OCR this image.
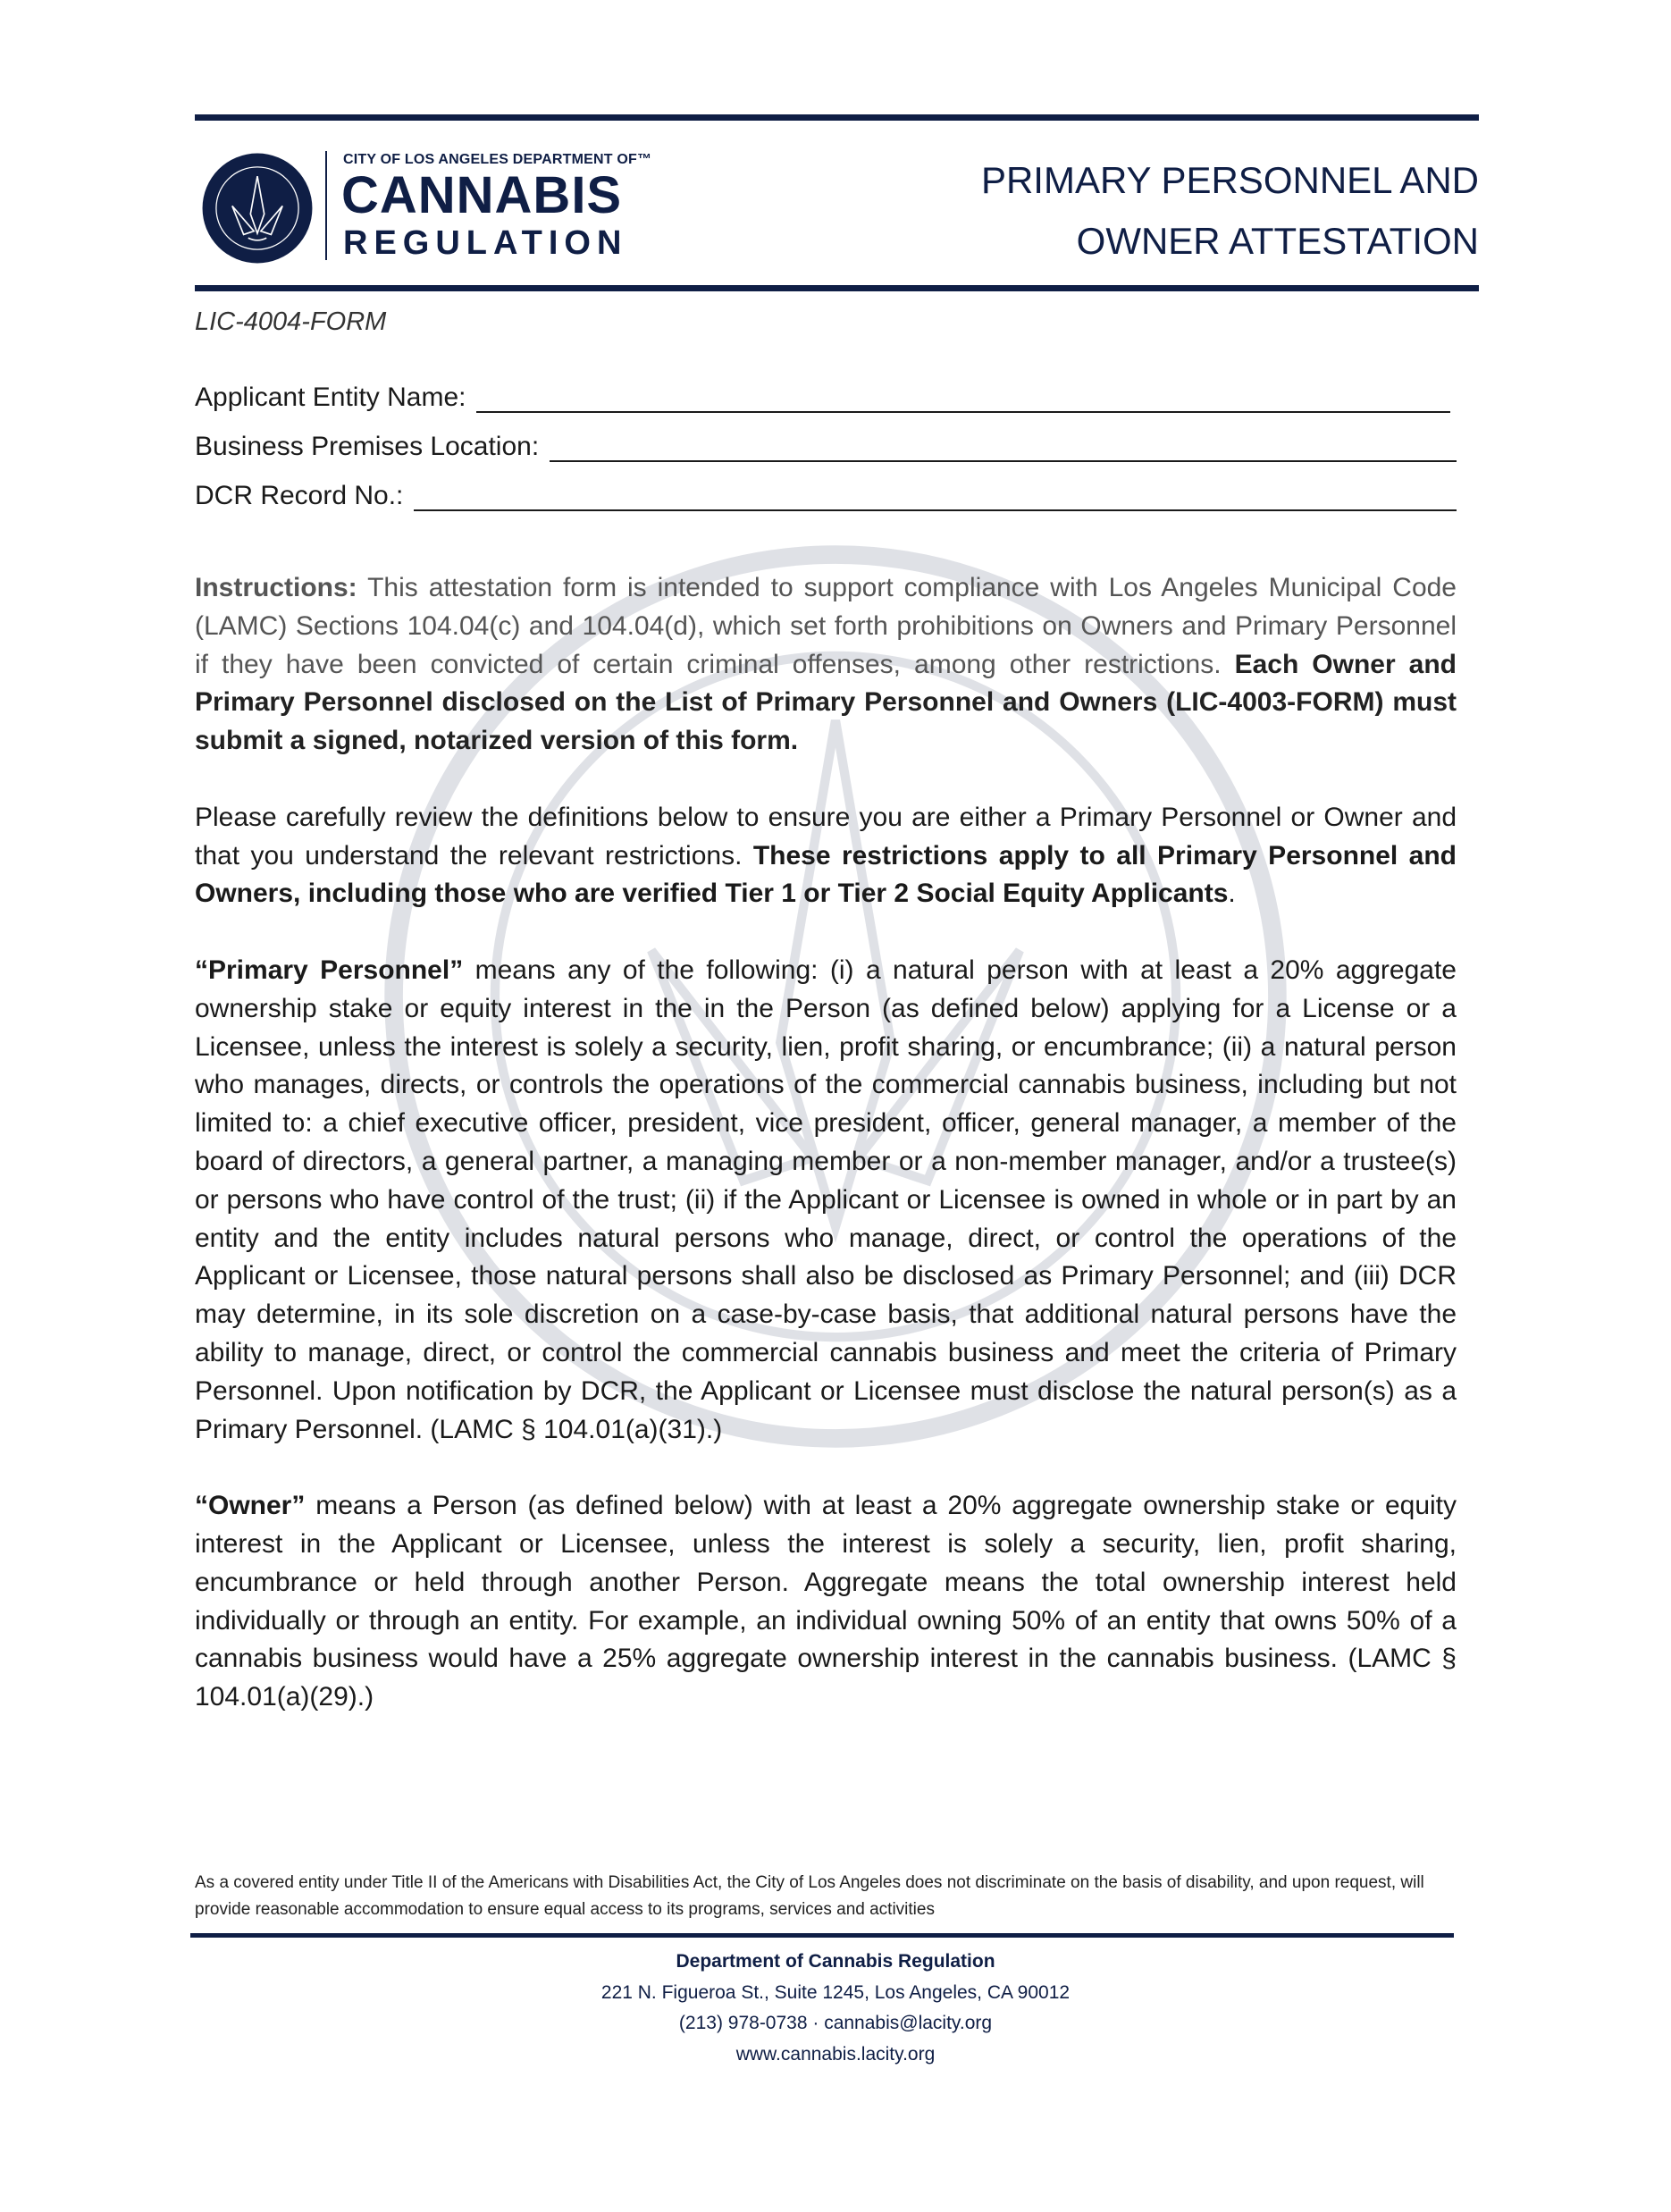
CITY OF LOS ANGELES DEPARTMENT OF™
CANNABIS
REGULATION
PRIMARY PERSONNEL AND
OWNER ATTESTATION
LIC-4004-FORM
Applicant Entity Name:
Business Premises Location:
DCR Record No.:

Instructions: This attestation form is intended to support compliance with Los Angeles Municipal Code (LAMC) Sections 104.04(c) and 104.04(d), which set forth prohibitions on Owners and Primary Personnel if they have been convicted of certain criminal offenses, among other restrictions. Each Owner and Primary Personnel disclosed on the List of Primary Personnel and Owners (LIC-4003-FORM) must submit a signed, notarized version of this form.

Please carefully review the definitions below to ensure you are either a Primary Personnel or Owner and that you understand the relevant restrictions. These restrictions apply to all Primary Personnel and Owners, including those who are verified Tier 1 or Tier 2 Social Equity Applicants.

“Primary Personnel” means any of the following: (i) a natural person with at least a 20% aggregate ownership stake or equity interest in the in the Person (as defined below) applying for a License or a Licensee, unless the interest is solely a security, lien, profit sharing, or encumbrance; (ii) a natural person who manages, directs, or controls the operations of the commercial cannabis business, including but not limited to: a chief executive officer, president, vice president, officer, general manager, a member of the board of directors, a general partner, a managing member or a non-member manager, and/or a trustee(s) or persons who have control of the trust; (ii) if the Applicant or Licensee is owned in whole or in part by an entity and the entity includes natural persons who manage, direct, or control the operations of the Applicant or Licensee, those natural persons shall also be disclosed as Primary Personnel; and (iii) DCR may determine, in its sole discretion on a case-by-case basis, that additional natural persons have the ability to manage, direct, or control the commercial cannabis business and meet the criteria of Primary Personnel. Upon notification by DCR, the Applicant or Licensee must disclose the natural person(s) as a Primary Personnel. (LAMC § 104.01(a)(31).)

“Owner” means a Person (as defined below) with at least a 20% aggregate ownership stake or equity interest in the Applicant or Licensee, unless the interest is solely a security, lien, profit sharing, encumbrance or held through another Person. Aggregate means the total ownership interest held individually or through an entity. For example, an individual owning 50% of an entity that owns 50% of a cannabis business would have a 25% aggregate ownership interest in the cannabis business. (LAMC § 104.01(a)(29).)

As a covered entity under Title II of the Americans with Disabilities Act, the City of Los Angeles does not discriminate on the basis of disability, and upon request, will provide reasonable accommodation to ensure equal access to its programs, services and activities
Department of Cannabis Regulation
221 N. Figueroa St., Suite 1245, Los Angeles, CA 90012
(213) 978-0738 · cannabis@lacity.org
www.cannabis.lacity.org
